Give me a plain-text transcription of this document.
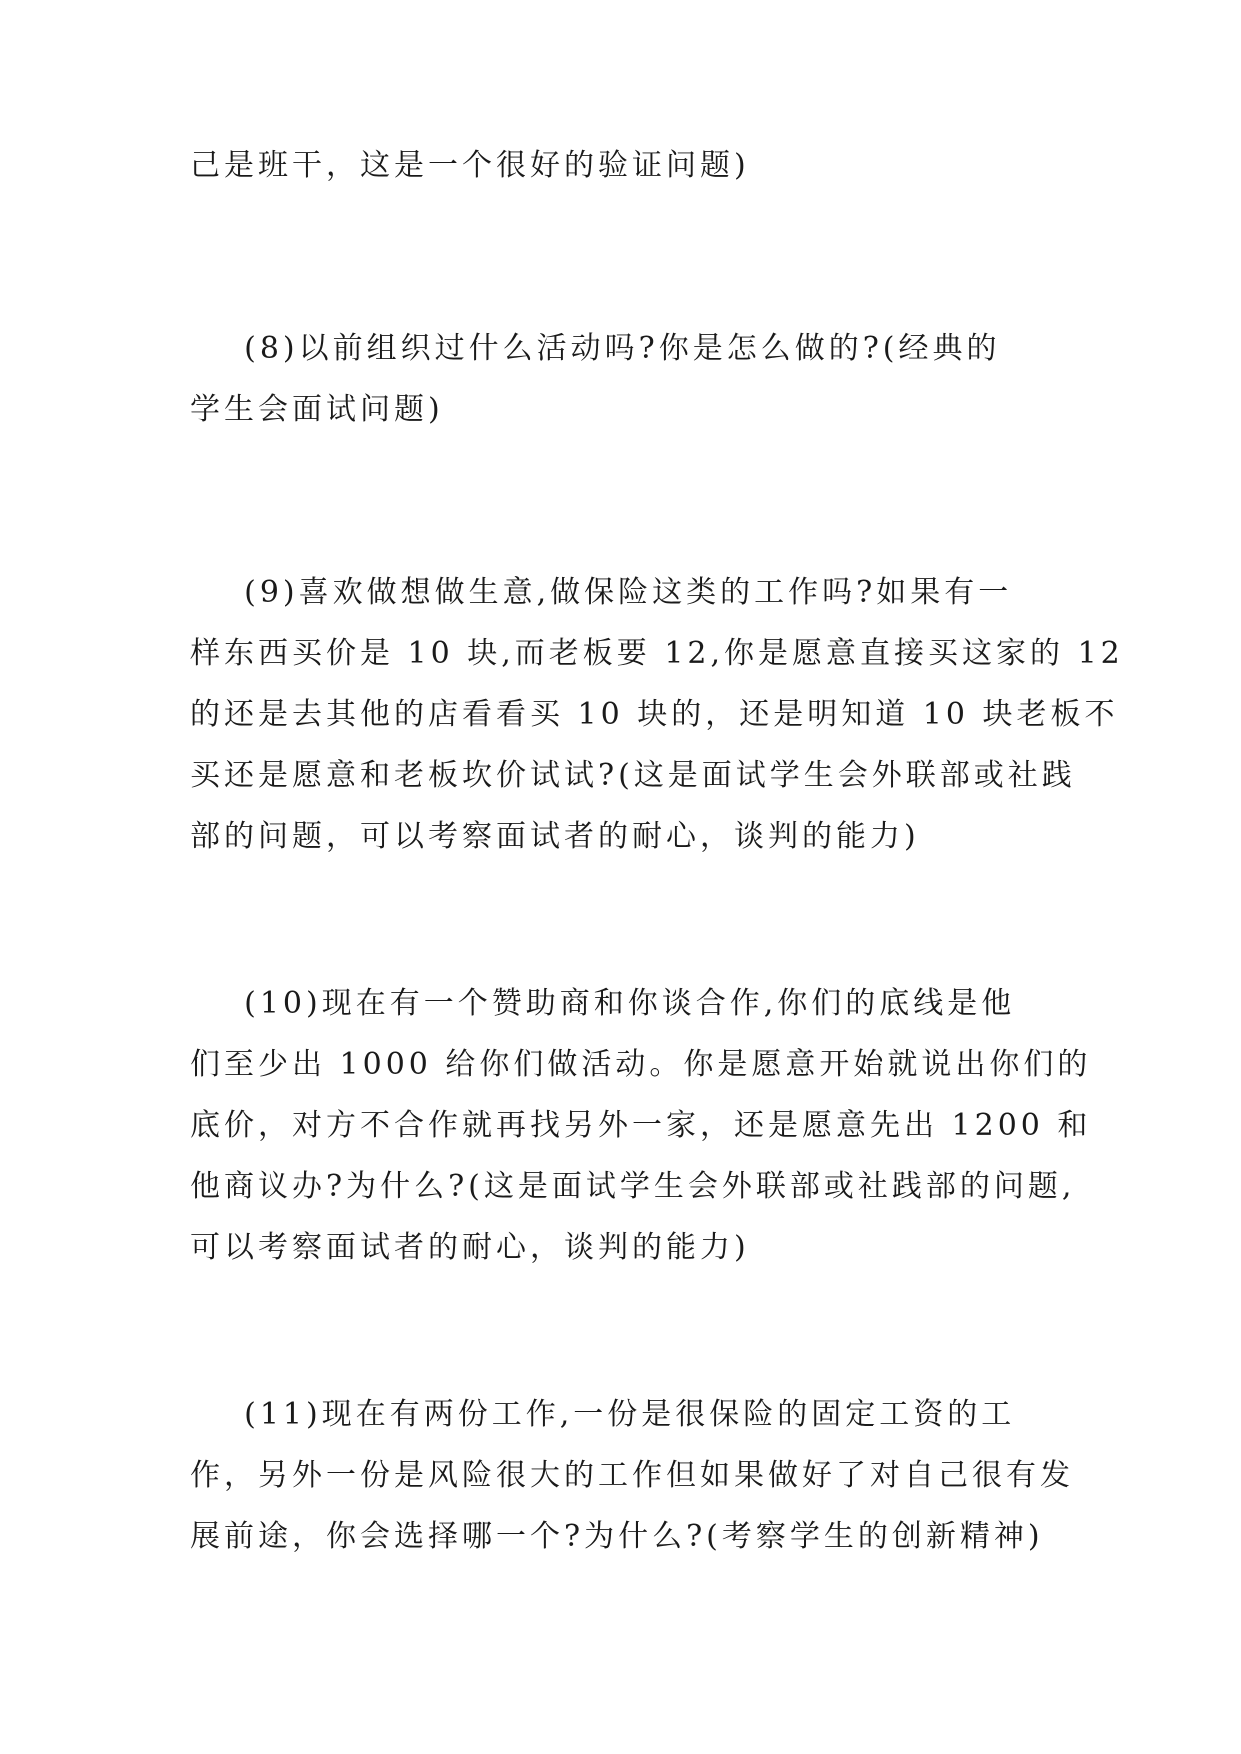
己是班干，这是一个很好的验证问题)
(8)以前组织过什么活动吗?你是怎么做的?(经典的
学生会面试问题)
(9)喜欢做想做生意,做保险这类的工作吗?如果有一
样东西买价是 10 块,而老板要 12,你是愿意直接买这家的 12
的还是去其他的店看看买 10 块的，还是明知道 10 块老板不
买还是愿意和老板坎价试试?(这是面试学生会外联部或社践
部的问题，可以考察面试者的耐心，谈判的能力)
(10)现在有一个赞助商和你谈合作,你们的底线是他
们至少出 1000 给你们做活动。你是愿意开始就说出你们的
底价，对方不合作就再找另外一家，还是愿意先出 1200 和
他商议办?为什么?(这是面试学生会外联部或社践部的问题,
可以考察面试者的耐心，谈判的能力)
(11)现在有两份工作,一份是很保险的固定工资的工
作，另外一份是风险很大的工作但如果做好了对自己很有发
展前途，你会选择哪一个?为什么?(考察学生的创新精神)
